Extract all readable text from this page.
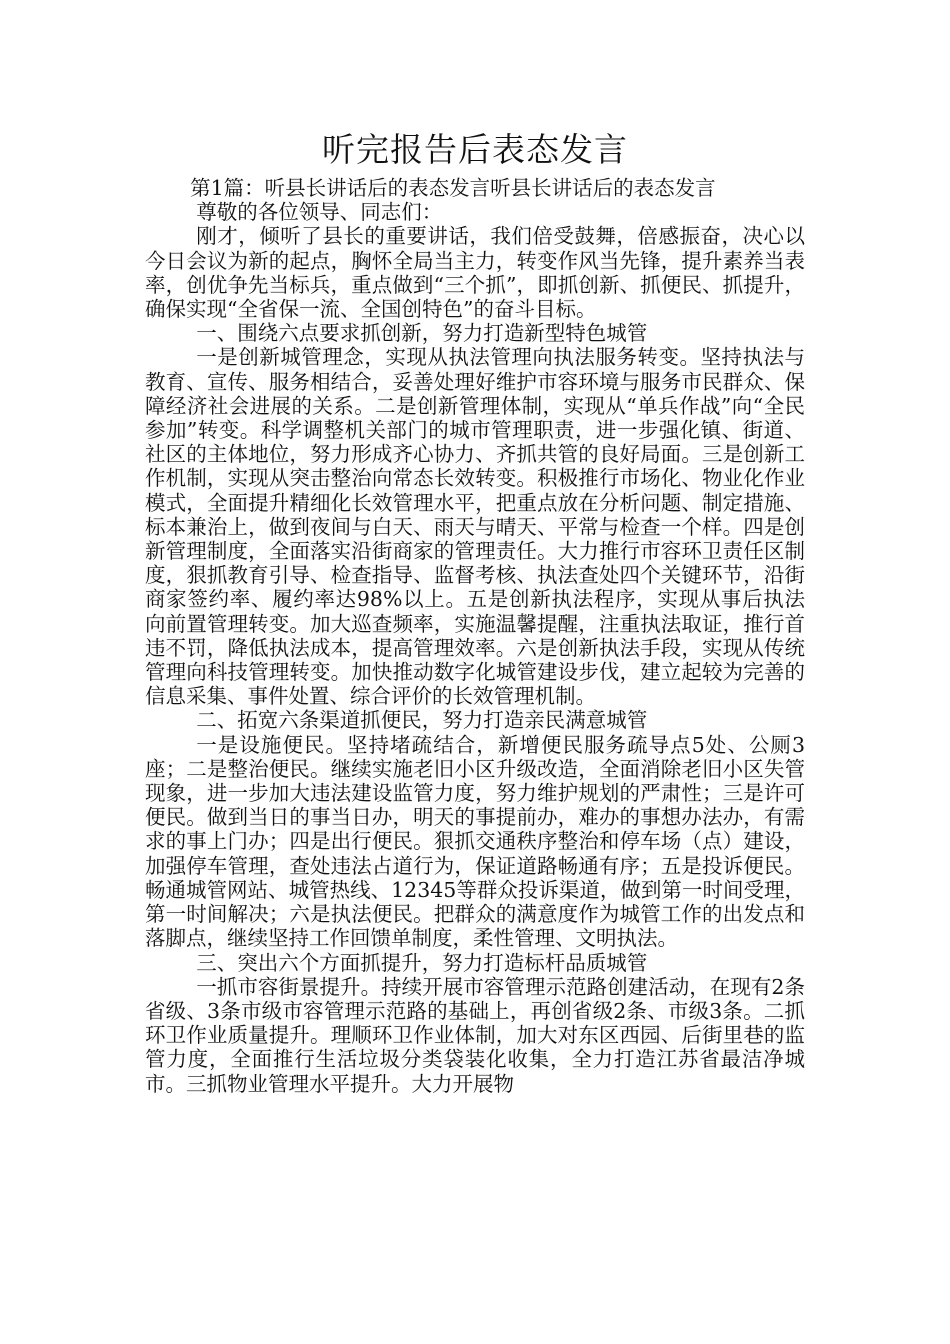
听完报告后表态发言

第1篇：听县长讲话后的表态发言听县长讲话后的表态发言

尊敬的各位领导、同志们：

刚才，倾听了县长的重要讲话，我们倍受鼓舞，倍感振奋，决心以今日会议为新的起点，胸怀全局当主力，转变作风当先锋，提升素养当表率，创优争先当标兵，重点做到“三个抓”，即抓创新、抓便民、抓提升，确保实现“全省保一流、全国创特色”的奋斗目标。

一、围绕六点要求抓创新，努力打造新型特色城管

一是创新城管理念，实现从执法管理向执法服务转变。坚持执法与教育、宣传、服务相结合，妥善处理好维护市容环境与服务市民群众、保障经济社会进展的关系。二是创新管理体制，实现从“单兵作战”向“全民参加”转变。科学调整机关部门的城市管理职责，进一步强化镇、街道、社区的主体地位，努力形成齐心协力、齐抓共管的良好局面。三是创新工作机制，实现从突击整治向常态长效转变。积极推行市场化、物业化作业模式，全面提升精细化长效管理水平，把重点放在分析问题、制定措施、标本兼治上，做到夜间与白天、雨天与晴天、平常与检查一个样。四是创新管理制度，全面落实沿街商家的管理责任。大力推行市容环卫责任区制度，狠抓教育引导、检查指导、监督考核、执法查处四个关键环节，沿街商家签约率、履约率达98%以上。五是创新执法程序，实现从事后执法向前置管理转变。加大巡查频率，实施温馨提醒，注重执法取证，推行首违不罚，降低执法成本，提高管理效率。六是创新执法手段，实现从传统管理向科技管理转变。加快推动数字化城管建设步伐，建立起较为完善的信息采集、事件处置、综合评价的长效管理机制。

二、拓宽六条渠道抓便民，努力打造亲民满意城管

一是设施便民。坚持堵疏结合，新增便民服务疏导点5处、公厕3座；二是整治便民。继续实施老旧小区升级改造，全面消除老旧小区失管现象，进一步加大违法建设监管力度，努力维护规划的严肃性；三是许可便民。做到当日的事当日办，明天的事提前办，难办的事想办法办，有需求的事上门办；四是出行便民。狠抓交通秩序整治和停车场（点）建设，加强停车管理，查处违法占道行为，保证道路畅通有序；五是投诉便民。畅通城管网站、城管热线、12345等群众投诉渠道，做到第一时间受理，第一时间解决；六是执法便民。把群众的满意度作为城管工作的出发点和落脚点，继续坚持工作回馈单制度，柔性管理、文明执法。

三、突出六个方面抓提升，努力打造标杆品质城管

一抓市容街景提升。持续开展市容管理示范路创建活动，在现有2条省级、3条市级市容管理示范路的基础上，再创省级2条、市级3条。二抓环卫作业质量提升。理顺环卫作业体制，加大对东区西园、后街里巷的监管力度，全面推行生活垃圾分类袋装化收集，全力打造江苏省最洁净城市。三抓物业管理水平提升。大力开展物
